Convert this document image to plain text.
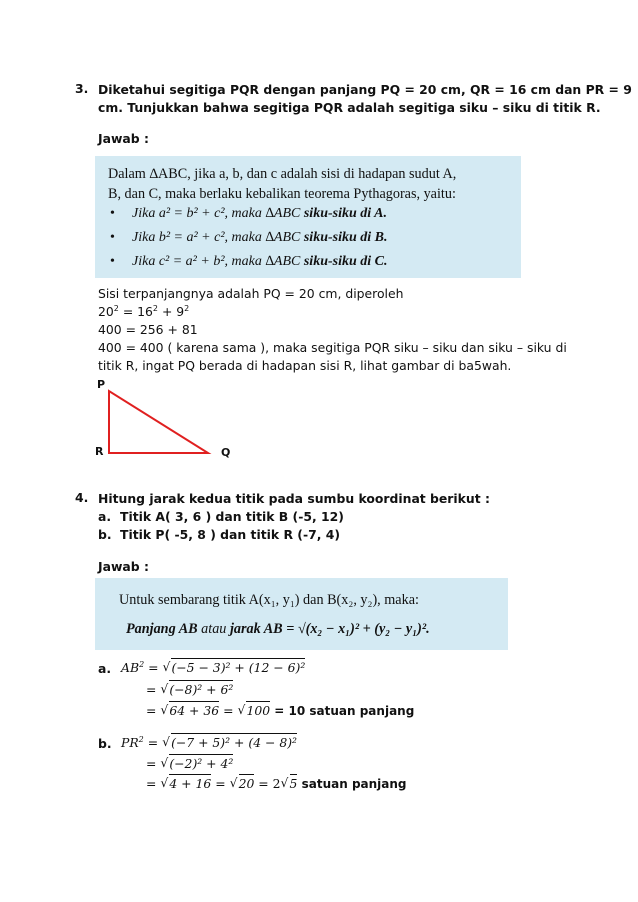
3. Diketahui segitiga PQR dengan panjang PQ = 20 cm, QR = 16 cm dan PR = 9
cm. Tunjukkan bahwa segitiga PQR adalah segitiga siku – siku di titik R.
Jawab :
Dalam ∆ABC, jika a, b, dan c adalah sisi di hadapan sudut A,
B, dan C, maka berlaku kebalikan teorema Pythagoras, yaitu:
• Jika a² = b² + c², maka ∆ABC siku-siku di A.
• Jika b² = a² + c², maka ∆ABC siku-siku di B.
• Jika c² = a² + b², maka ∆ABC siku-siku di C.
Sisi terpanjangnya adalah PQ = 20 cm, diperoleh
$20^2 = 16^2 + 9^2$
400 = 256 + 81
400 = 400 ( karena sama ), maka segitiga PQR siku – siku dan siku – siku di
titik R, ingat PQ berada di hadapan sisi R, lihat gambar di ba5wah.
P
R	Q
4. Hitung jarak kedua titik pada sumbu koordinat berikut :
a. Titik A( 3, 6 ) dan titik B (-5, 12)
b. Titik P( -5, 8 ) dan titik R (-7, 4)
Jawab :
Untuk sembarang titik A(x₁, y₁) dan B(x₂, y₂), maka:
Panjang AB atau jarak AB = √(x₂ − x₁)² + (y₂ − y₁)².
a. $AB^2$ = √ (−5 − 3)² + (12 − 6)²
= √ (−8)² + 6²
= √ 64 + 36 = √ 100 = 10 satuan panjang
b. $PR^2$ = √ (−7 + 5)² + (4 − 8)²
= √ (−2)² + 4²
= √ 4 + 16 = √ 20 = 2 √ 5 satuan panjang
